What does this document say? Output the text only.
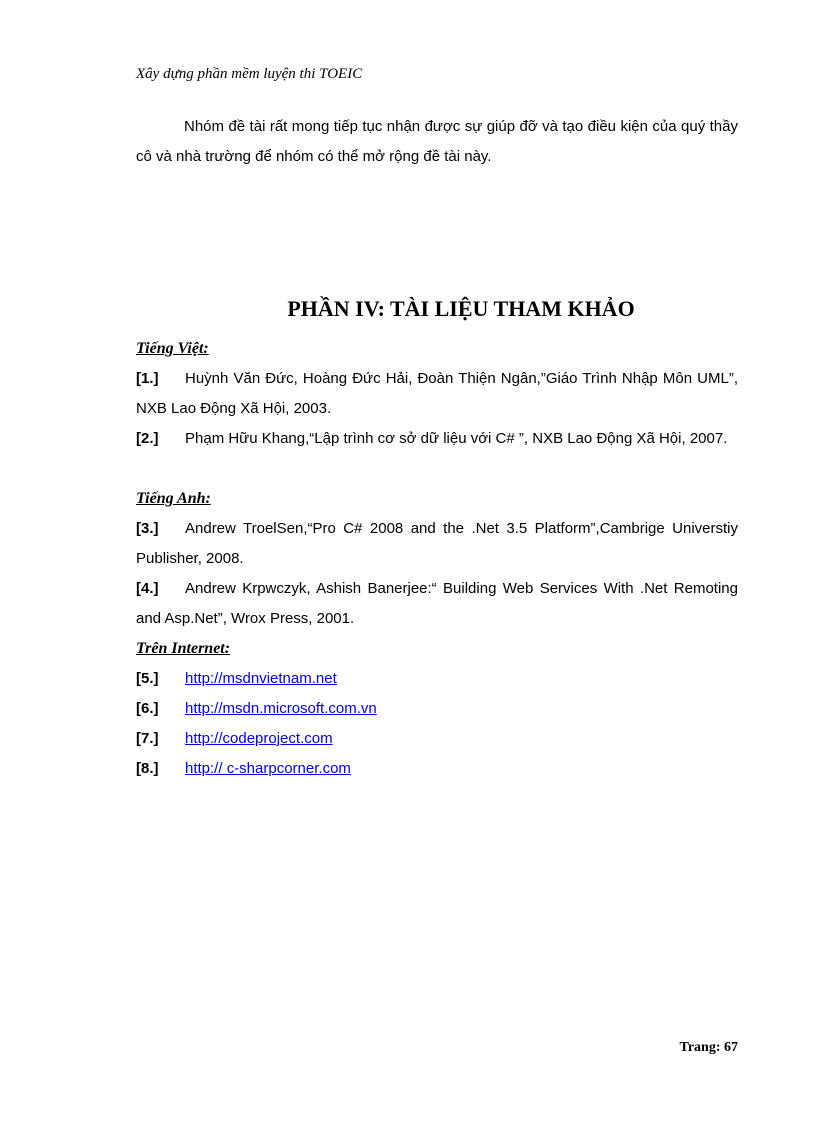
Xây dựng phần mềm luyện thi TOEIC
Nhóm đề tài rất mong tiếp tục nhận được sự giúp đỡ và tạo điều kiện của quý thầy cô và nhà trường để nhóm có thể mở rộng đề tài này.
PHẦN IV: TÀI LIỆU THAM KHẢO
Tiếng Việt:
[1.] Huỳnh Văn Đức, Hoàng Đức Hải, Đoàn Thiện Ngân,”Giáo Trình Nhập Môn UML”, NXB Lao Động Xã Hội, 2003.
[2.] Phạm Hữu Khang,“Lập trình cơ sở dữ liệu với C# ”, NXB Lao Động Xã Hội, 2007.
Tiếng Anh:
[3.] Andrew TroelSen,“Pro C# 2008 and the .Net 3.5 Platform”,Cambrige Universtiy Publisher, 2008.
[4.] Andrew Krpwczyk, Ashish Banerjee:“ Building Web Services With .Net Remoting and Asp.Net”, Wrox Press, 2001.
Trên Internet:
[5.] http://msdnvietnam.net
[6.] http://msdn.microsoft.com.vn
[7.] http://codeproject.com
[8.] http:// c-sharpcorner.com
Trang: 67
